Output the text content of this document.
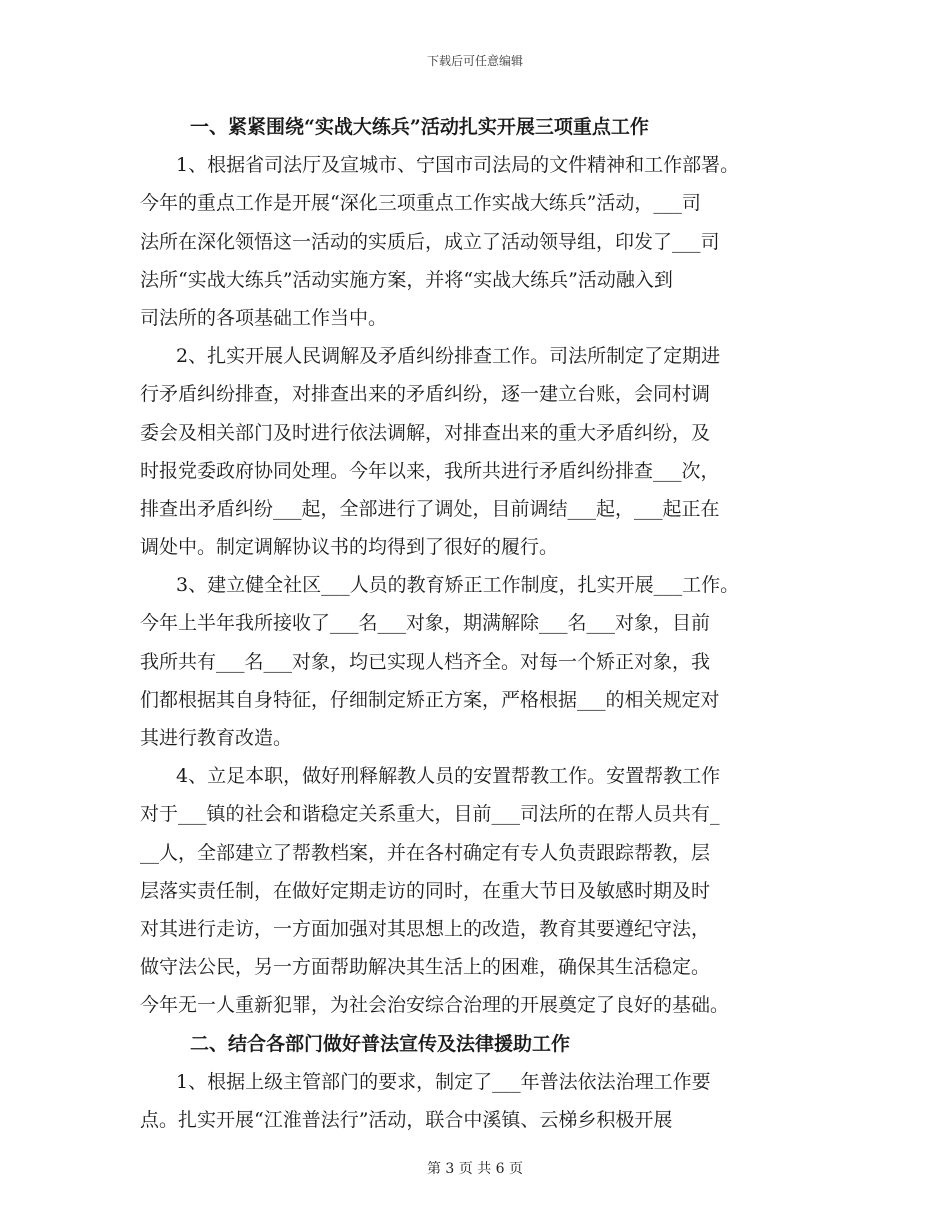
下载后可任意编辑
一、紧紧围绕“实战大练兵”活动扎实开展三项重点工作
1、根据省司法厅及宣城市、宁国市司法局的文件精神和工作部署。
今年的重点工作是开展“深化三项重点工作实战大练兵”活动，___司
法所在深化领悟这一活动的实质后，成立了活动领导组，印发了___司
法所“实战大练兵”活动实施方案，并将“实战大练兵”活动融入到
司法所的各项基础工作当中。
2、扎实开展人民调解及矛盾纠纷排查工作。司法所制定了定期进
行矛盾纠纷排查，对排查出来的矛盾纠纷，逐一建立台账，会同村调
委会及相关部门及时进行依法调解，对排查出来的重大矛盾纠纷，及
时报党委政府协同处理。今年以来，我所共进行矛盾纠纷排查___次，
排查出矛盾纠纷___起，全部进行了调处，目前调结___起，___起正在
调处中。制定调解协议书的均得到了很好的履行。
3、建立健全社区___人员的教育矫正工作制度，扎实开展___工作。
今年上半年我所接收了___名___对象，期满解除___名___对象，目前
我所共有___名___对象，均已实现人档齐全。对每一个矫正对象，我
们都根据其自身特征，仔细制定矫正方案，严格根据___的相关规定对
其进行教育改造。
4、立足本职，做好刑释解教人员的安置帮教工作。安置帮教工作
对于___镇的社会和谐稳定关系重大，目前___司法所的在帮人员共有_
__人，全部建立了帮教档案，并在各村确定有专人负责跟踪帮教，层
层落实责任制，在做好定期走访的同时，在重大节日及敏感时期及时
对其进行走访，一方面加强对其思想上的改造，教育其要遵纪守法，
做守法公民，另一方面帮助解决其生活上的困难，确保其生活稳定。
今年无一人重新犯罪，为社会治安综合治理的开展奠定了良好的基础。
二、结合各部门做好普法宣传及法律援助工作
1、根据上级主管部门的要求，制定了___年普法依法治理工作要
点。扎实开展“江淮普法行”活动，联合中溪镇、云梯乡积极开展
第 3 页 共 6 页
